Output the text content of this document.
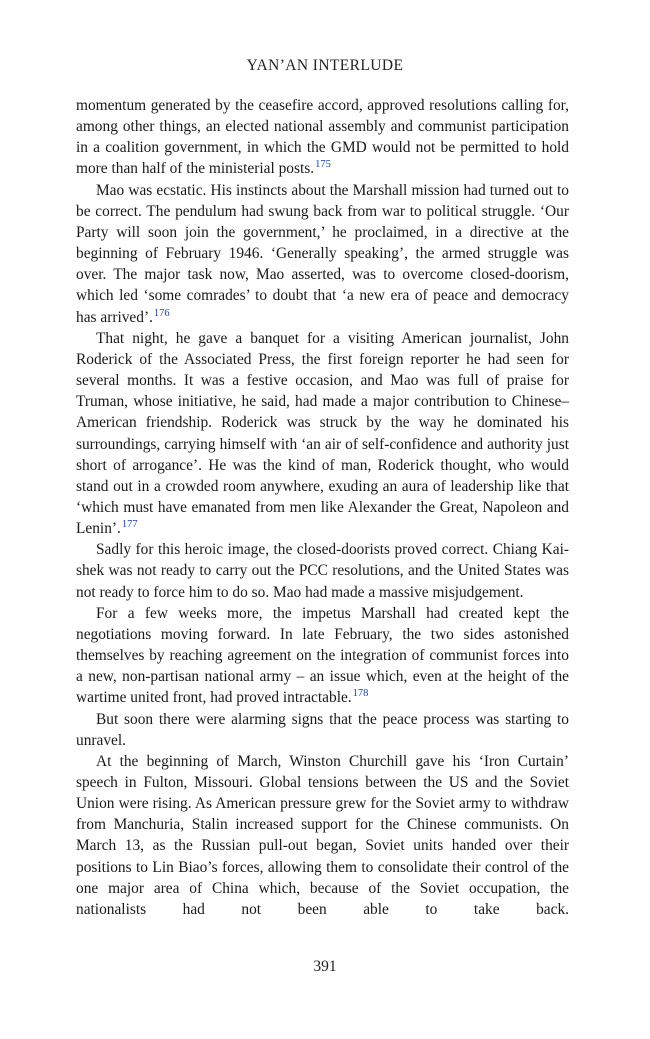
YAN’AN INTERLUDE

momentum generated by the ceasefire accord, approved resolutions calling for, among other things, an elected national assembly and communist participation in a coalition government, in which the GMD would not be permitted to hold more than half of the ministerial posts.$^{175}$

Mao was ecstatic. His instincts about the Marshall mission had turned out to be correct. The pendulum had swung back from war to political struggle. ‘Our Party will soon join the government,’ he proclaimed, in a directive at the beginning of February 1946. ‘Generally speaking’, the armed struggle was over. The major task now, Mao asserted, was to overcome closed-doorism, which led ‘some comrades’ to doubt that ‘a new era of peace and democracy has arrived’.$^{176}$

That night, he gave a banquet for a visiting American journalist, John Roderick of the Associated Press, the first foreign reporter he had seen for several months. It was a festive occasion, and Mao was full of praise for Truman, whose initiative, he said, had made a major contribution to Chinese–American friendship. Roderick was struck by the way he dominated his surroundings, carrying himself with ‘an air of self-confidence and authority just short of arrogance’. He was the kind of man, Roderick thought, who would stand out in a crowded room anywhere, exuding an aura of leadership like that ‘which must have emanated from men like Alexander the Great, Napoleon and Lenin’.$^{177}$

Sadly for this heroic image, the closed-doorists proved correct. Chiang Kai-shek was not ready to carry out the PCC resolutions, and the United States was not ready to force him to do so. Mao had made a massive misjudgement.

For a few weeks more, the impetus Marshall had created kept the negotiations moving forward. In late February, the two sides astonished themselves by reaching agreement on the integration of communist forces into a new, non-partisan national army – an issue which, even at the height of the wartime united front, had proved intractable.$^{178}$

But soon there were alarming signs that the peace process was starting to unravel.

At the beginning of March, Winston Churchill gave his ‘Iron Curtain’ speech in Fulton, Missouri. Global tensions between the US and the Soviet Union were rising. As American pressure grew for the Soviet army to withdraw from Manchuria, Stalin increased support for the Chinese communists. On March 13, as the Russian pull-out began, Soviet units handed over their positions to Lin Biao’s forces, allowing them to consolidate their control of the one major area of China which, because of the Soviet occupation, the nationalists had not been able to take back.

391
